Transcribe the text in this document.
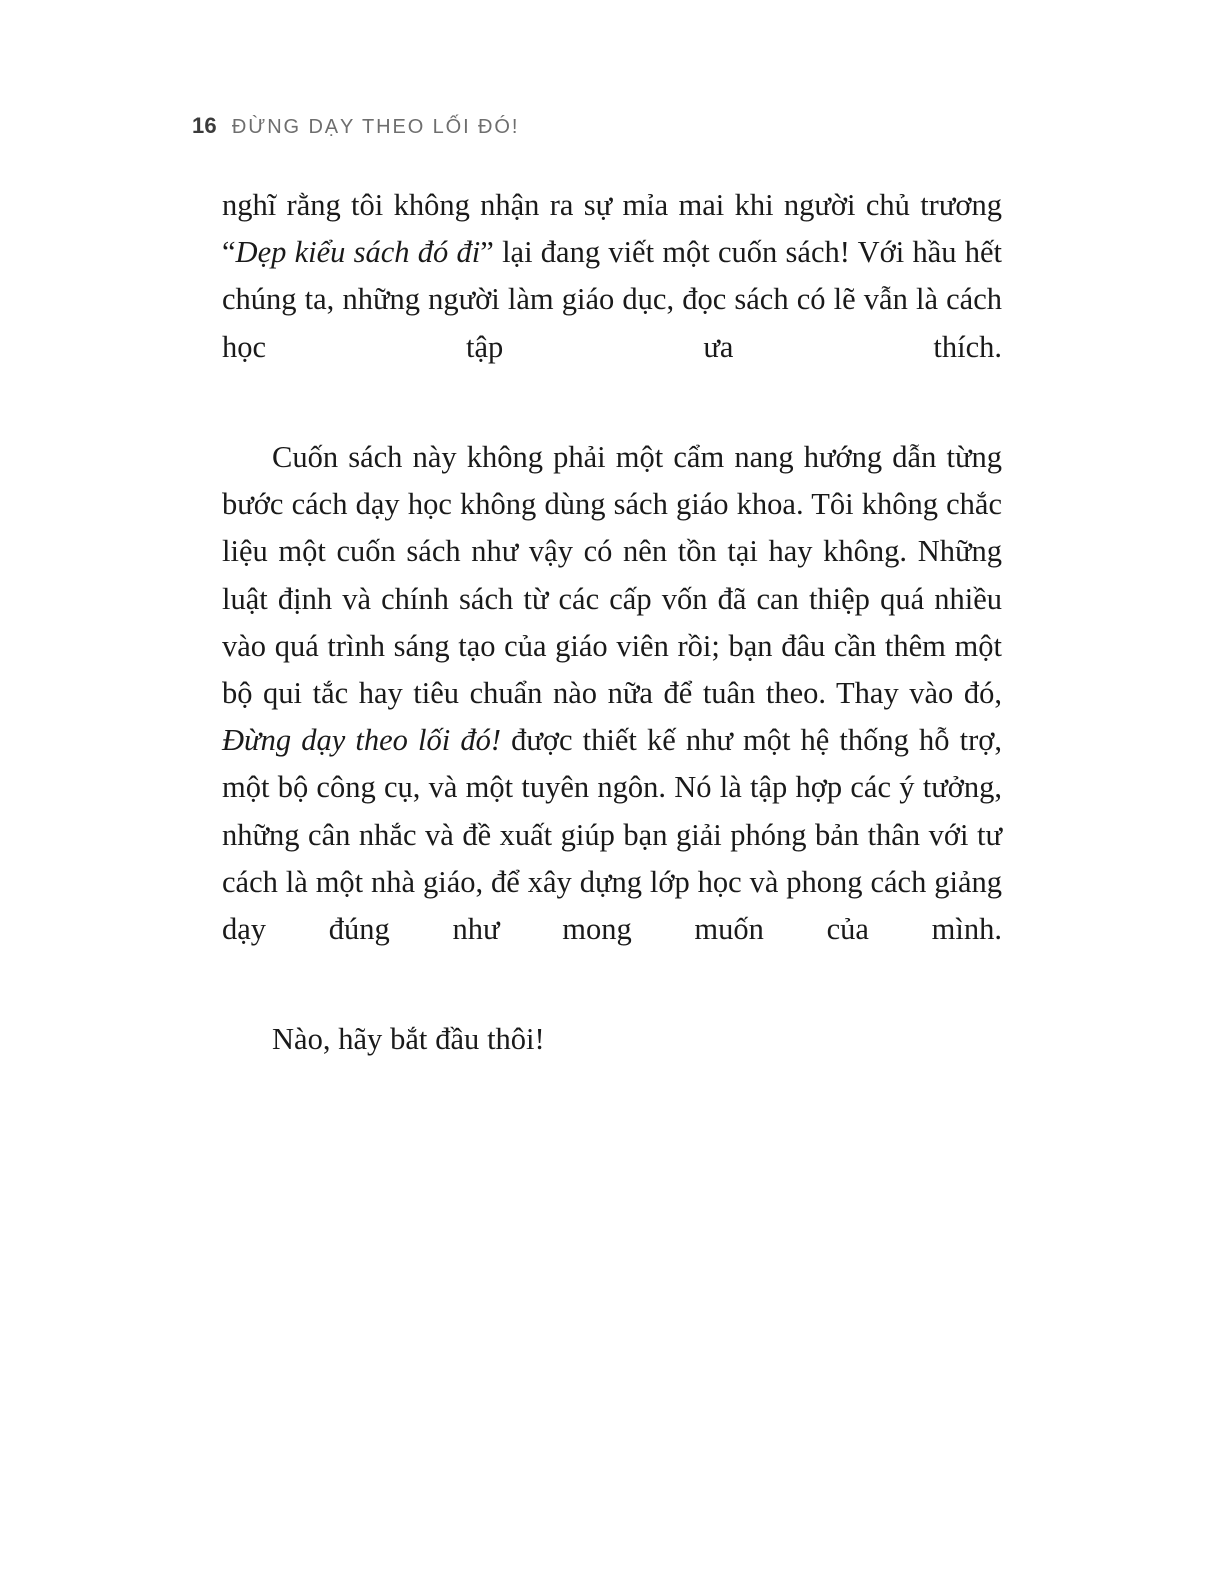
16 ĐỪNG DẠY THEO LỐI ĐÓ!

nghĩ rằng tôi không nhận ra sự mỉa mai khi người chủ trương “Dẹp kiểu sách đó đi” lại đang viết một cuốn sách! Với hầu hết chúng ta, những người làm giáo dục, đọc sách có lẽ vẫn là cách học tập ưa thích.

Cuốn sách này không phải một cẩm nang hướng dẫn từng bước cách dạy học không dùng sách giáo khoa. Tôi không chắc liệu một cuốn sách như vậy có nên tồn tại hay không. Những luật định và chính sách từ các cấp vốn đã can thiệp quá nhiều vào quá trình sáng tạo của giáo viên rồi; bạn đâu cần thêm một bộ qui tắc hay tiêu chuẩn nào nữa để tuân theo. Thay vào đó, Đừng dạy theo lối đó! được thiết kế như một hệ thống hỗ trợ, một bộ công cụ, và một tuyên ngôn. Nó là tập hợp các ý tưởng, những cân nhắc và đề xuất giúp bạn giải phóng bản thân với tư cách là một nhà giáo, để xây dựng lớp học và phong cách giảng dạy đúng như mong muốn của mình.

Nào, hãy bắt đầu thôi!
